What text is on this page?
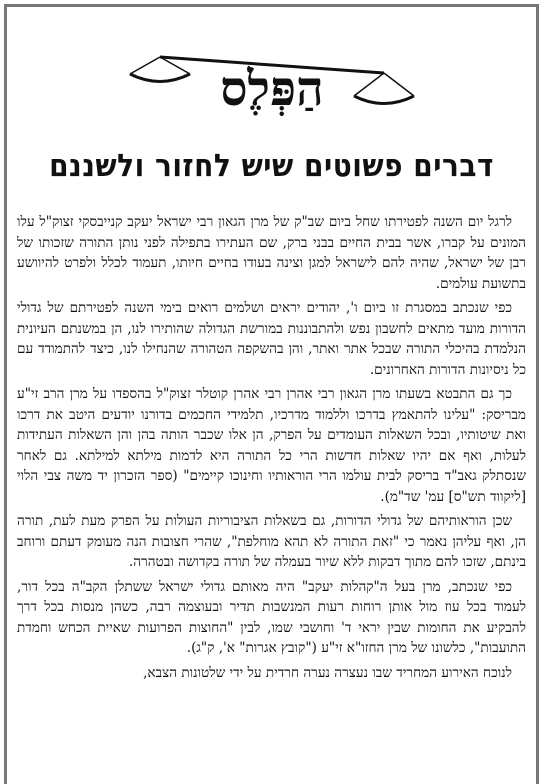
הַפְּלֶס
דברים פשוטים שיש לחזור ולשננם

לרגל יום השנה לפטירתו שחל ביום שב"ק של מרן הגאון רבי ישראל יעקב קנייבסקי זצוק"ל עלו המונים על קברו, אשר בבית החיים בבני ברק, שם העתירו בתפילה לפני נותן התורה שזכותו של רבן של ישראל, שהיה להם לישראל למגן וצינה בעודו בחיים חיותו, תעמוד לכלל ולפרט להיוושע בתשועת עולמים.

כפי שנכתב במסגרת זו ביום ו', יהודים יראים ושלמים רואים בימי השנה לפטירתם של גדולי הדורות מועד מתאים לחשבון נפש ולהתבוננות במורשת הגדולה שהותירו לנו, הן במשנתם העיונית הנלמדת בהיכלי התורה שבכל אתר ואתר, והן בהשקפה הטהורה שהנחילו לנו, כיצד להתמודד עם כל ניסיונות הדורות האחרונים.

כך גם התבטא בשעתו מרן הגאון רבי אהרן רבי אהרן קוטלר זצוק"ל בהספדו על מרן הרב זי"ע מבריסק: "עלינו להתאמץ בדרכו וללמוד מדרכיו, תלמידי החכמים בדורנו יודעים היטב את דרכו ואת שיטותיו, ובכל השאלות העומדים על הפרק, הן אלו שכבר הותה בהן והן השאלות העתידות לעלות, ואף אם יהיו שאלות חדשות הרי כל התורה היא לדמות מילתא למילתא. גם לאחר שנסתלק גאב"ד בריסק לבית עולמו הרי הוראותיו וחינוכו קיימים" (ספר הזכרון יד משה צבי הלוי [ליקווד תש"ס] עמ' שד"מ).

שכן הוראותיהם של גדולי הדורות, גם בשאלות הציבוריות העולות על הפרק מעת לעת, תורה הן, ואף עליהן נאמר כי "זאת התורה לא תהא מוחלפת", שהרי חצובות הנה מעומק דעתם ורוחב בינתם, שזכו להם מתוך דבקות ללא שיור בעמלה של תורה בקדושה ובטהרה.

כפי שנכתב, מרן בעל ה"קהלות יעקב" היה מאותם גדולי ישראל ששתלן הקב"ה בכל דור, לעמוד בכל עוז מול אותן רוחות רעות המנשבות תדיר ובעוצמה רבה, כשהן מנסות בכל דרך להבקיע את החומות שבין יראי ד' וחושבי שמו, לבין "החוצות הפרועות שאיית הכחש וחמדת התועבות", כלשונו של מרן החזו"א זי"ע ("קובץ אגרות" א', ק"ג).

לנוכח האירוע המחריד שבו נעצרה נערה חרדית על ידי שלטונות הצבא,
